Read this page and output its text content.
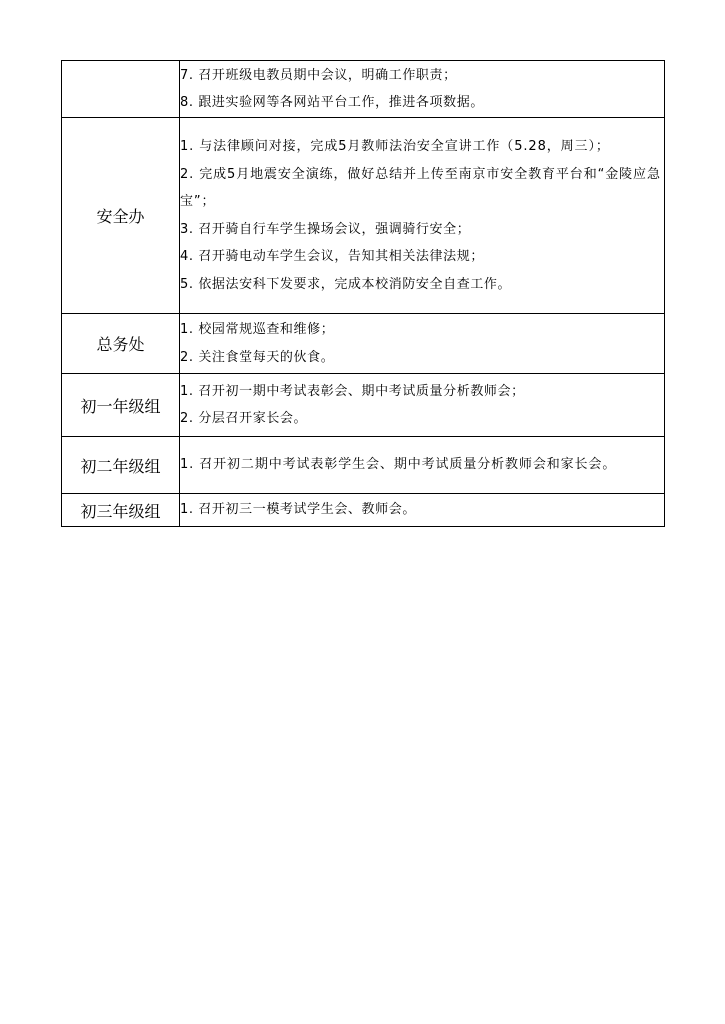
	7. 召开班级电教员期中会议，明确工作职责；
8. 跟进实验网等各网站平台工作，推进各项数据。

安全办	1. 与法律顾问对接，完成5月教师法治安全宣讲工作（5.28，周三）；
2. 完成5月地震安全演练，做好总结并上传至南京市安全教育平台和“金陵应急宝”；
3. 召开骑自行车学生操场会议，强调骑行安全；
4. 召开骑电动车学生会议，告知其相关法律法规；
5. 依据法安科下发要求，完成本校消防安全自查工作。

总务处	1. 校园常规巡查和维修；
2. 关注食堂每天的伙食。

初一年级组	1. 召开初一期中考试表彰会、期中考试质量分析教师会；
2. 分层召开家长会。

初二年级组	1. 召开初二期中考试表彰学生会、期中考试质量分析教师会和家长会。

初三年级组	1. 召开初三一模考试学生会、教师会。
